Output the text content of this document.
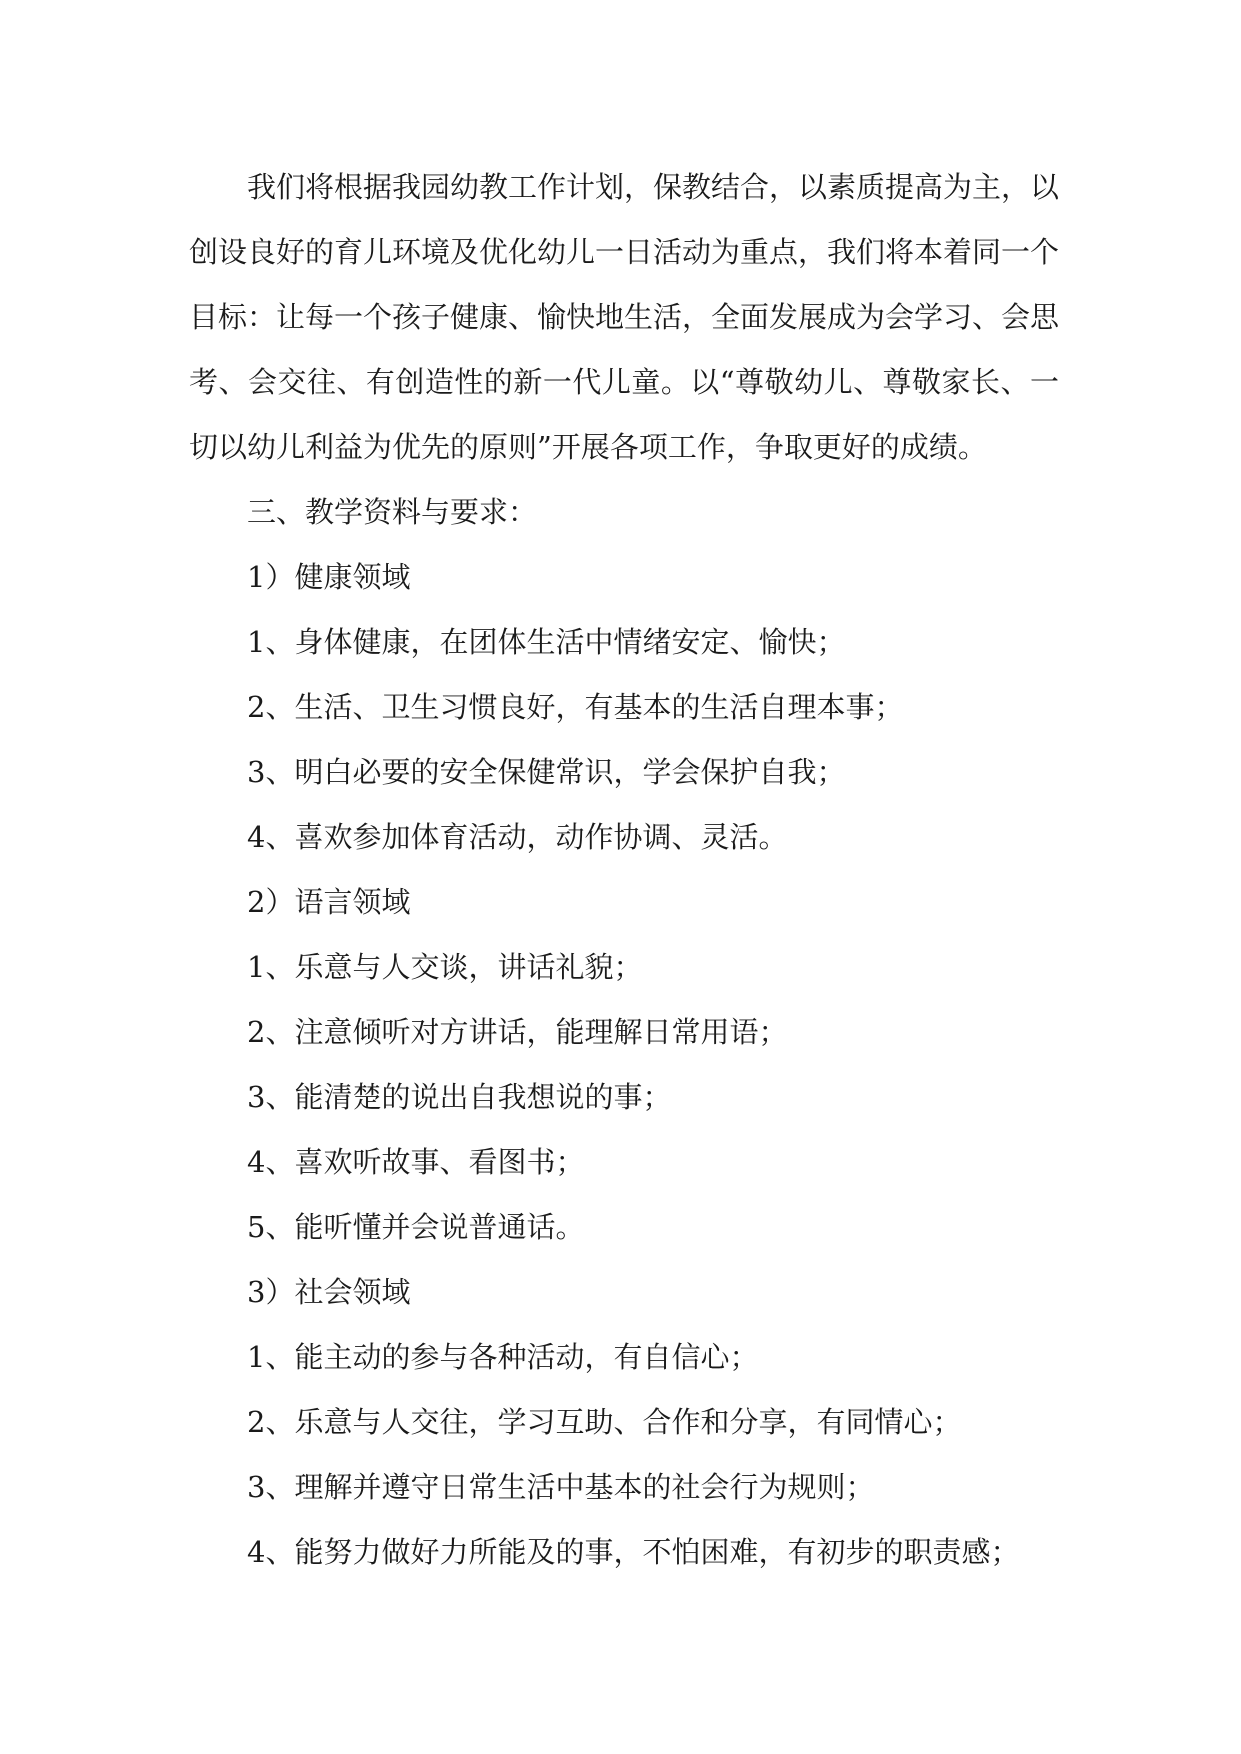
我们将根据我园幼教工作计划，保教结合，以素质提高为主，以创设良好的育儿环境及优化幼儿一日活动为重点，我们将本着同一个目标：让每一个孩子健康、愉快地生活，全面发展成为会学习、会思考、会交往、有创造性的新一代儿童。以“尊敬幼儿、尊敬家长、一切以幼儿利益为优先的原则”开展各项工作，争取更好的成绩。

三、教学资料与要求：

1）健康领域

1、身体健康，在团体生活中情绪安定、愉快；

2、生活、卫生习惯良好，有基本的生活自理本事；

3、明白必要的安全保健常识，学会保护自我；

4、喜欢参加体育活动，动作协调、灵活。

2）语言领域

1、乐意与人交谈，讲话礼貌；

2、注意倾听对方讲话，能理解日常用语；

3、能清楚的说出自我想说的事；

4、喜欢听故事、看图书；

5、能听懂并会说普通话。

3）社会领域

1、能主动的参与各种活动，有自信心；

2、乐意与人交往，学习互助、合作和分享，有同情心；

3、理解并遵守日常生活中基本的社会行为规则；

4、能努力做好力所能及的事，不怕困难，有初步的职责感；
